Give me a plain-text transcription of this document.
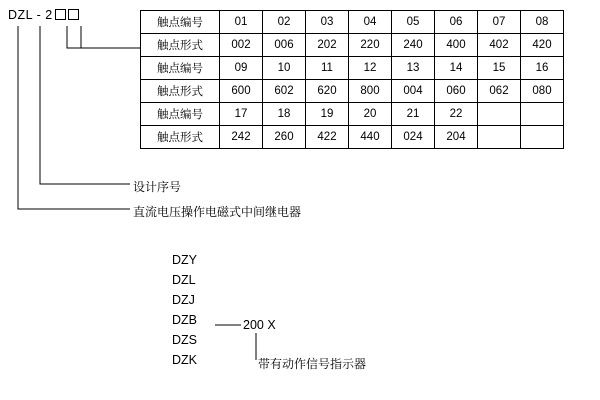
DZL - 2
触点编号	01	02	03	04	05	06	07	08
触点形式	002	006	202	220	240	400	402	420
触点编号	09	10	11	12	13	14	15	16
触点形式	600	602	620	800	004	060	062	080
触点编号	17	18	19	20	21	22		
触点形式	242	260	422	440	024	204		
设计序号
直流电压操作电磁式中间继电器
DZY
DZL
DZJ
DZB
DZS
DZK
200 X
带有动作信号指示器
